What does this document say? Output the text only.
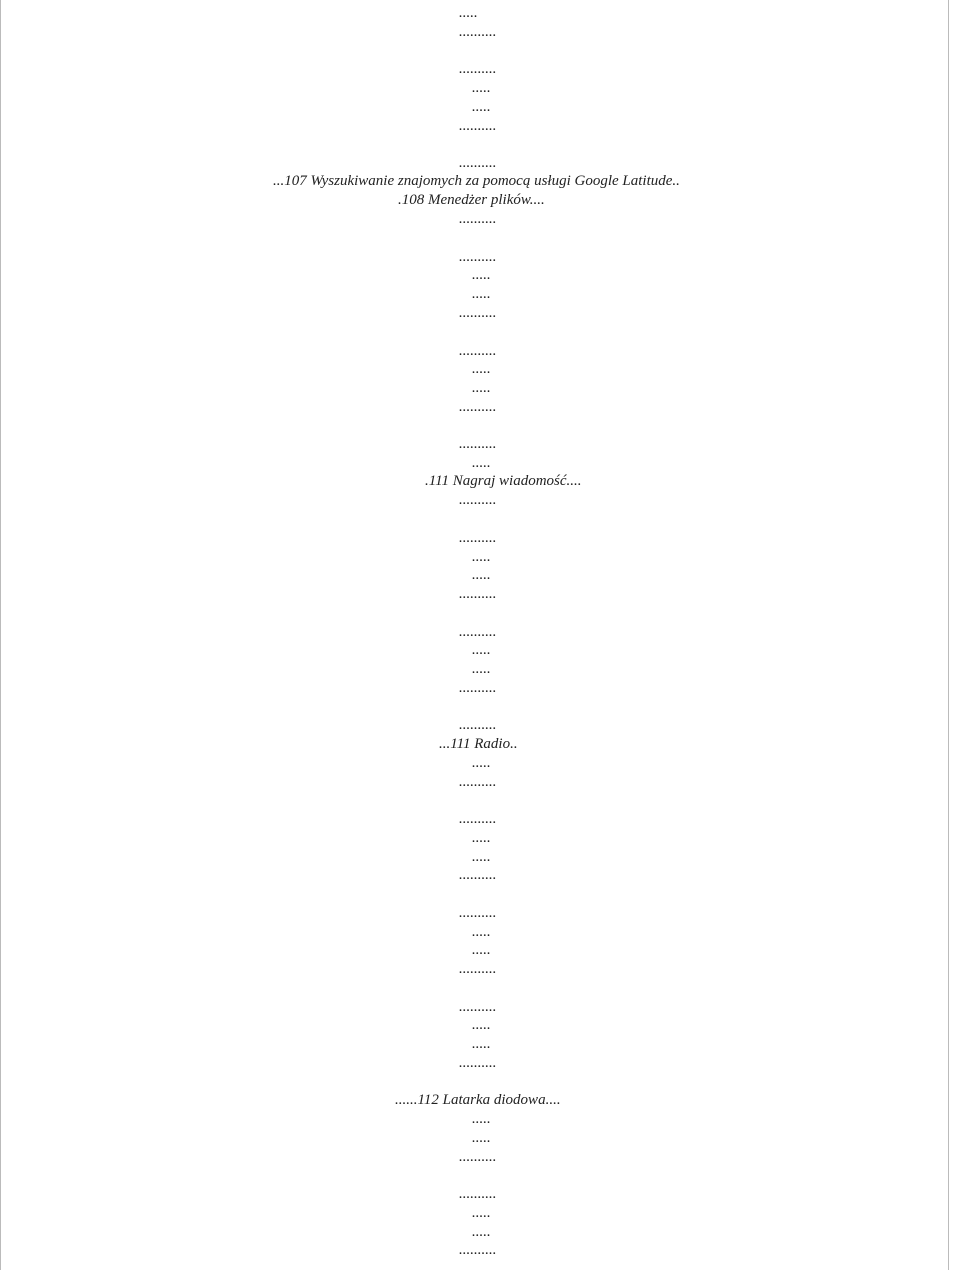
.....
..........
..........
.....
.....
..........
..........
...107 Wyszukiwanie znajomych za pomocą usługi Google Latitude..
.108 Menedżer plików....
..........
..........
.....
.....
..........
..........
.....
.....
..........
..........
.....
.111 Nagraj wiadomość....
..........
..........
.....
.....
..........
..........
.....
.....
..........
..........
...111 Radio..
.....
..........
..........
.....
.....
..........
..........
.....
.....
..........
..........
.....
.....
..........
......112 Latarka diodowa....
.....
.....
..........
..........
.....
.....
..........
